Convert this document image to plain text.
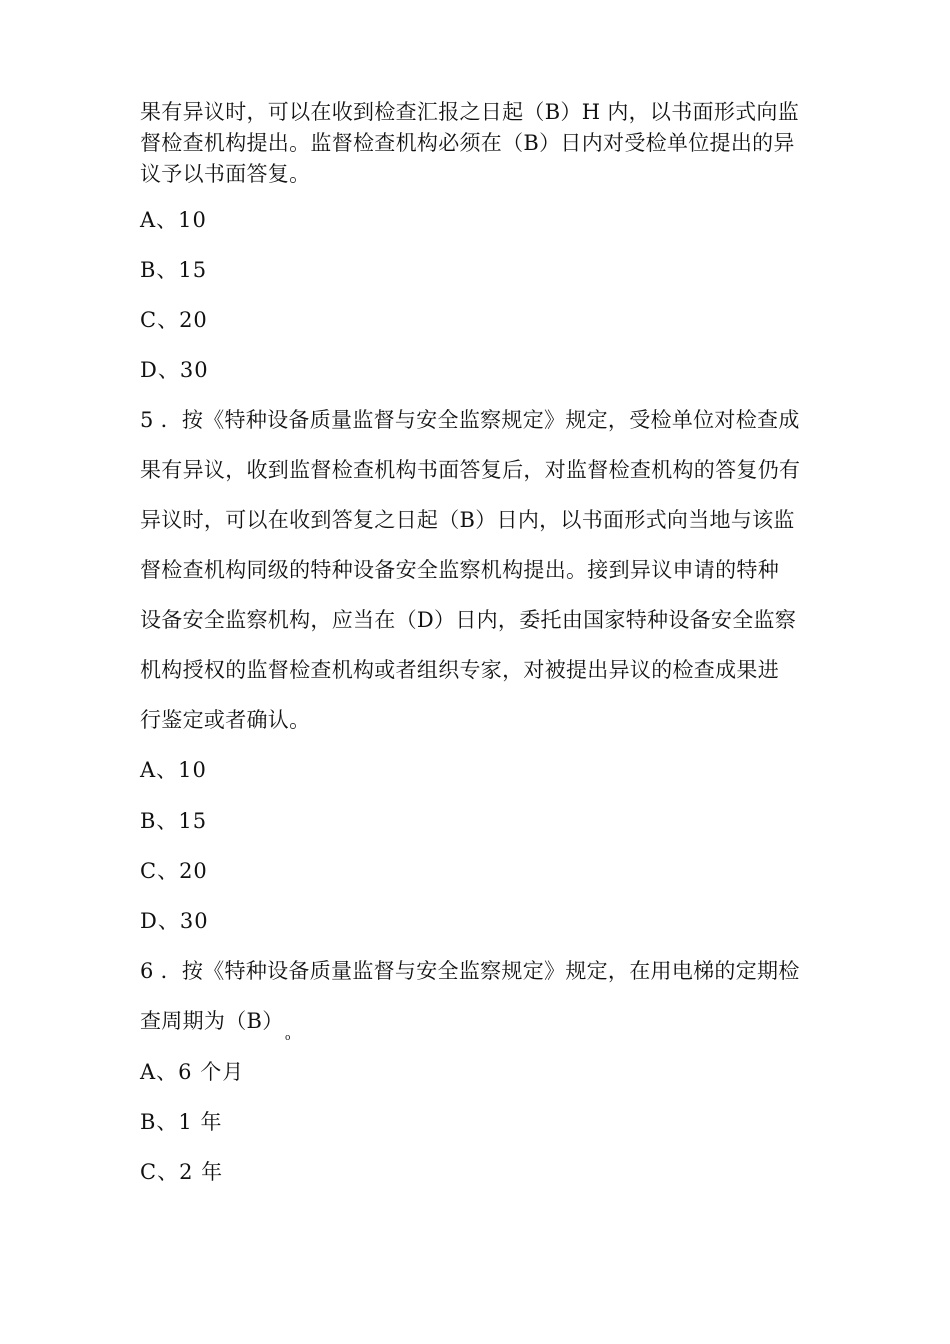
果有异议时，可以在收到检查汇报之日起（B）H 内，以书面形式向监
督检查机构提出。监督检查机构必须在（B）日内对受检单位提出的异
议予以书面答复。
A、10
B、15
C、20
D、30
5 ．按《特种设备质量监督与安全监察规定》规定，受检单位对检查成
果有异议，收到监督检查机构书面答复后，对监督检查机构的答复仍有
异议时，可以在收到答复之日起（B）日内，以书面形式向当地与该监
督检查机构同级的特种设备安全监察机构提出。接到异议申请的特种
设备安全监察机构，应当在（D）日内，委托由国家特种设备安全监察
机构授权的监督检查机构或者组织专家，对被提出异议的检查成果进
行鉴定或者确认。
A、10
B、15
C、20
D、30
6 ．按《特种设备质量监督与安全监察规定》规定，在用电梯的定期检
查周期为（B）
o
A、6 个月
B、1 年
C、2 年
